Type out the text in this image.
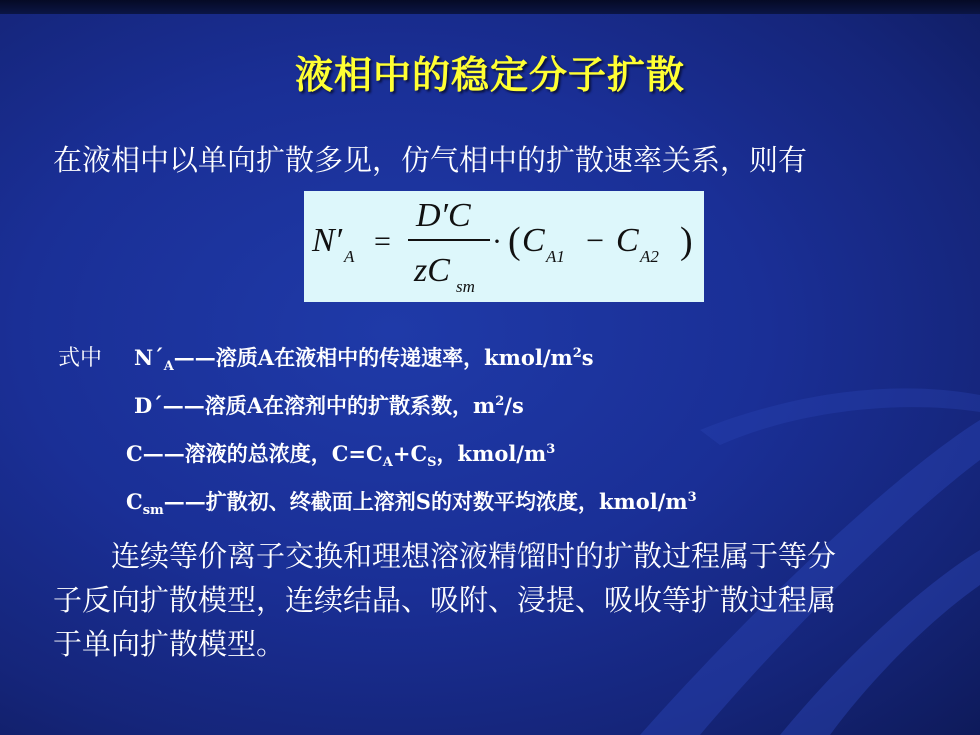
液相中的稳定分子扩散
在液相中以单向扩散多见，仿气相中的扩散速率关系，则有
N′ A =
D′C
zC sm
· ( C A1 − C A2 )
式中 $N´_A——$溶质A在液相中的传递速率，kmol/$m^2s$
D´——溶质A在溶剂中的扩散系数，$m^2/s$
C——溶液的总浓度，$C=C_A+C_S$，kmol/$m^3$
$C_{sm}——$扩散初、终截面上溶剂S的对数平均浓度，kmol/$m^3$
连续等价离子交换和理想溶液精馏时的扩散过程属于等分
子反向扩散模型，连续结晶、吸附、浸提、吸收等扩散过程属
于单向扩散模型。
